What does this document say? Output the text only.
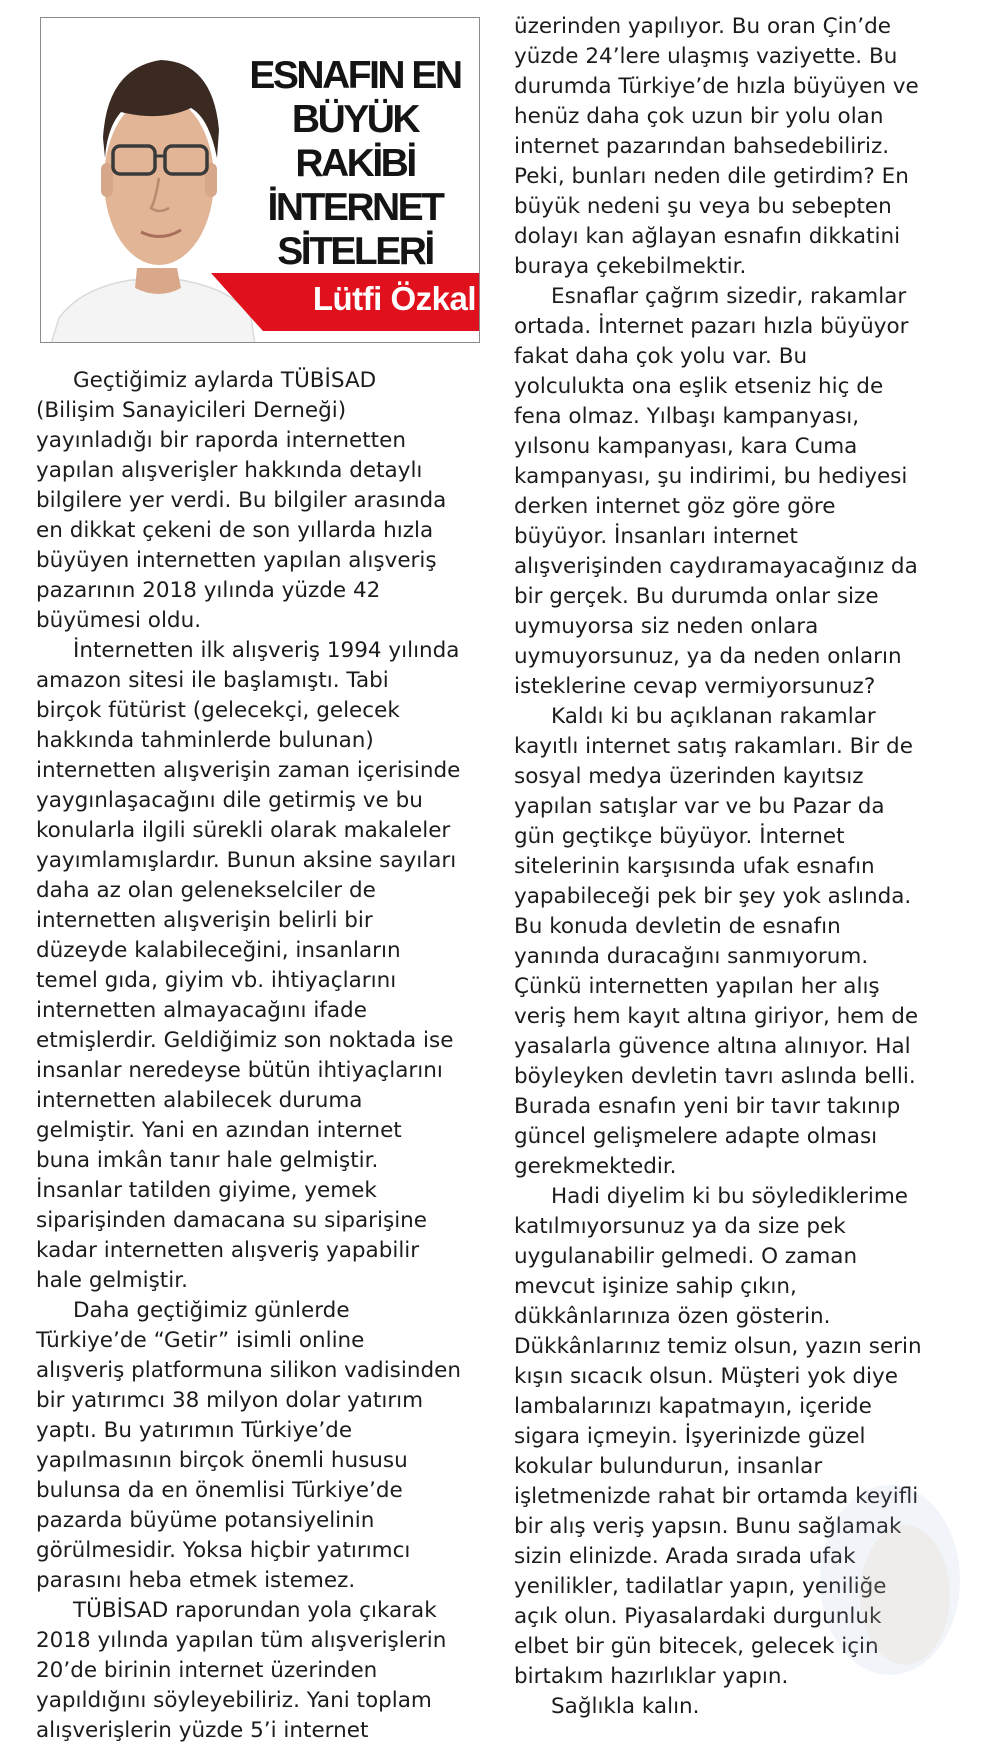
ESNAFIN EN
BÜYÜK RAKİBİ
İNTERNET
SİTELERİ
Lütfi Özkal
Geçtiğimiz aylarda TÜBİSAD
(Bilişim Sanayicileri Derneği)
yayınladığı bir raporda internetten
yapılan alışverişler hakkında detaylı
bilgilere yer verdi. Bu bilgiler arasında
en dikkat çekeni de son yıllarda hızla
büyüyen internetten yapılan alışveriş
pazarının 2018 yılında yüzde 42
büyümesi oldu.
İnternetten ilk alışveriş 1994 yılında
amazon sitesi ile başlamıştı. Tabi
birçok fütürist (gelecekçi, gelecek
hakkında tahminlerde bulunan)
internetten alışverişin zaman içerisinde
yaygınlaşacağını dile getirmiş ve bu
konularla ilgili sürekli olarak makaleler
yayımlamışlardır. Bunun aksine sayıları
daha az olan gelenekselciler de
internetten alışverişin belirli bir
düzeyde kalabileceğini, insanların
temel gıda, giyim vb. ihtiyaçlarını
internetten almayacağını ifade
etmişlerdir. Geldiğimiz son noktada ise
insanlar neredeyse bütün ihtiyaçlarını
internetten alabilecek duruma
gelmiştir. Yani en azından internet
buna imkân tanır hale gelmiştir.
İnsanlar tatilden giyime, yemek
siparişinden damacana su siparişine
kadar internetten alışveriş yapabilir
hale gelmiştir.
Daha geçtiğimiz günlerde
Türkiye’de “Getir” isimli online
alışveriş platformuna silikon vadisinden
bir yatırımcı 38 milyon dolar yatırım
yaptı. Bu yatırımın Türkiye’de
yapılmasının birçok önemli hususu
bulunsa da en önemlisi Türkiye’de
pazarda büyüme potansiyelinin
görülmesidir. Yoksa hiçbir yatırımcı
parasını heba etmek istemez.
TÜBİSAD raporundan yola çıkarak
2018 yılında yapılan tüm alışverişlerin
20’de birinin internet üzerinden
yapıldığını söyleyebiliriz. Yani toplam
alışverişlerin yüzde 5’i internet
üzerinden yapılıyor. Bu oran Çin’de
yüzde 24’lere ulaşmış vaziyette. Bu
durumda Türkiye’de hızla büyüyen ve
henüz daha çok uzun bir yolu olan
internet pazarından bahsedebiliriz.
Peki, bunları neden dile getirdim? En
büyük nedeni şu veya bu sebepten
dolayı kan ağlayan esnafın dikkatini
buraya çekebilmektir.
Esnaflar çağrım sizedir, rakamlar
ortada. İnternet pazarı hızla büyüyor
fakat daha çok yolu var. Bu
yolculukta ona eşlik etseniz hiç de
fena olmaz. Yılbaşı kampanyası,
yılsonu kampanyası, kara Cuma
kampanyası, şu indirimi, bu hediyesi
derken internet göz göre göre
büyüyor. İnsanları internet
alışverişinden caydıramayacağınız da
bir gerçek. Bu durumda onlar size
uymuyorsa siz neden onlara
uymuyorsunuz, ya da neden onların
isteklerine cevap vermiyorsunuz?
Kaldı ki bu açıklanan rakamlar
kayıtlı internet satış rakamları. Bir de
sosyal medya üzerinden kayıtsız
yapılan satışlar var ve bu Pazar da
gün geçtikçe büyüyor. İnternet
sitelerinin karşısında ufak esnafın
yapabileceği pek bir şey yok aslında.
Bu konuda devletin de esnafın
yanında duracağını sanmıyorum.
Çünkü internetten yapılan her alış
veriş hem kayıt altına giriyor, hem de
yasalarla güvence altına alınıyor. Hal
böyleyken devletin tavrı aslında belli.
Burada esnafın yeni bir tavır takınıp
güncel gelişmelere adapte olması
gerekmektedir.
Hadi diyelim ki bu söylediklerime
katılmıyorsunuz ya da size pek
uygulanabilir gelmedi. O zaman
mevcut işinize sahip çıkın,
dükkânlarınıza özen gösterin.
Dükkânlarınız temiz olsun, yazın serin
kışın sıcacık olsun. Müşteri yok diye
lambalarınızı kapatmayın, içeride
sigara içmeyin. İşyerinizde güzel
kokular bulundurun, insanlar
işletmenizde rahat bir ortamda keyifli
bir alış veriş yapsın. Bunu sağlamak
sizin elinizde. Arada sırada ufak
yenilikler, tadilatlar yapın, yeniliğe
açık olun. Piyasalardaki durgunluk
elbet bir gün bitecek, gelecek için
birtakım hazırlıklar yapın.
Sağlıkla kalın.
